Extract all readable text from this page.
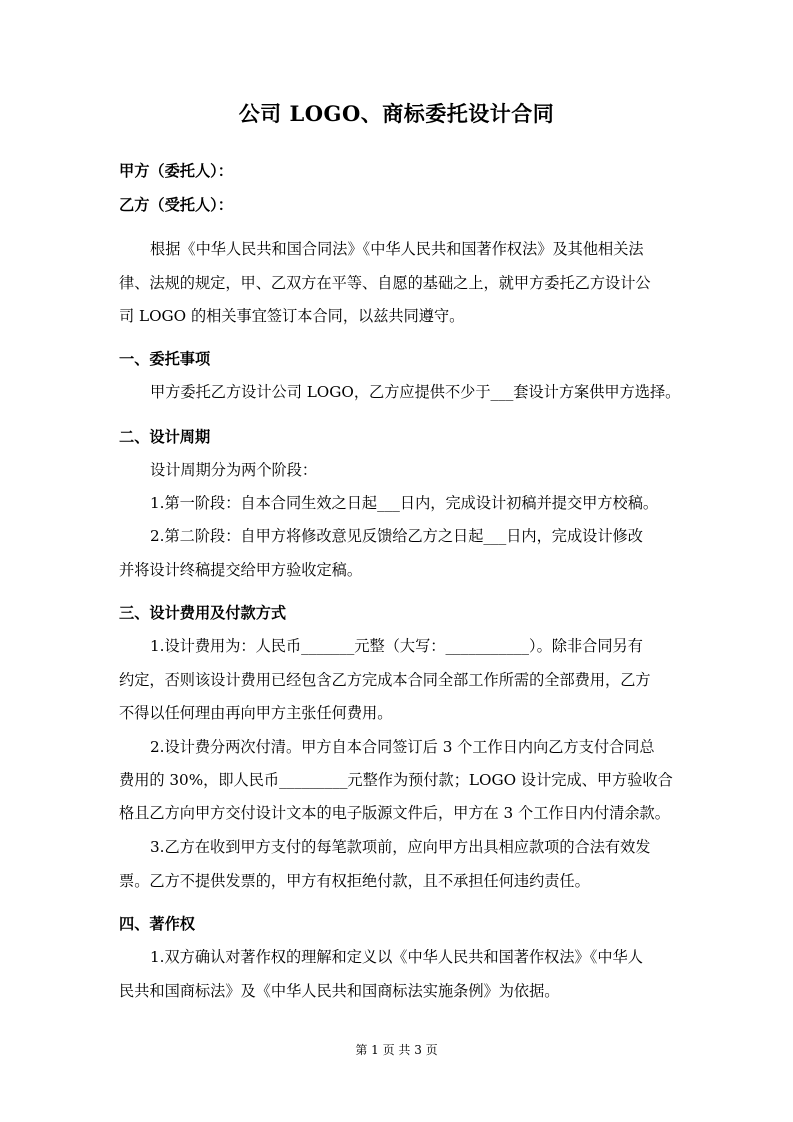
公司 LOGO、商标委托设计合同
甲方（委托人）：
乙方（受托人）：
根据《中华人民共和国合同法》《中华人民共和国著作权法》及其他相关法
律、法规的规定，甲、乙双方在平等、自愿的基础之上，就甲方委托乙方设计公
司 LOGO 的相关事宜签订本合同，以兹共同遵守。
一、委托事项
甲方委托乙方设计公司 LOGO，乙方应提供不少于___套设计方案供甲方选择。
二、设计周期
设计周期分为两个阶段：
1.第一阶段：自本合同生效之日起___日内，完成设计初稿并提交甲方校稿。
2.第二阶段：自甲方将修改意见反馈给乙方之日起___日内，完成设计修改
并将设计终稿提交给甲方验收定稿。
三、设计费用及付款方式
1.设计费用为：人民币_______元整（大写：___________）。除非合同另有
约定，否则该设计费用已经包含乙方完成本合同全部工作所需的全部费用，乙方
不得以任何理由再向甲方主张任何费用。
2.设计费分两次付清。甲方自本合同签订后 3 个工作日内向乙方支付合同总
费用的 30%，即人民币_________元整作为预付款；LOGO 设计完成、甲方验收合
格且乙方向甲方交付设计文本的电子版源文件后，甲方在 3 个工作日内付清余款。
3.乙方在收到甲方支付的每笔款项前，应向甲方出具相应款项的合法有效发
票。乙方不提供发票的，甲方有权拒绝付款，且不承担任何违约责任。
四、著作权
1.双方确认对著作权的理解和定义以《中华人民共和国著作权法》《中华人
民共和国商标法》及《中华人民共和国商标法实施条例》为依据。
第 1 页 共 3 页
